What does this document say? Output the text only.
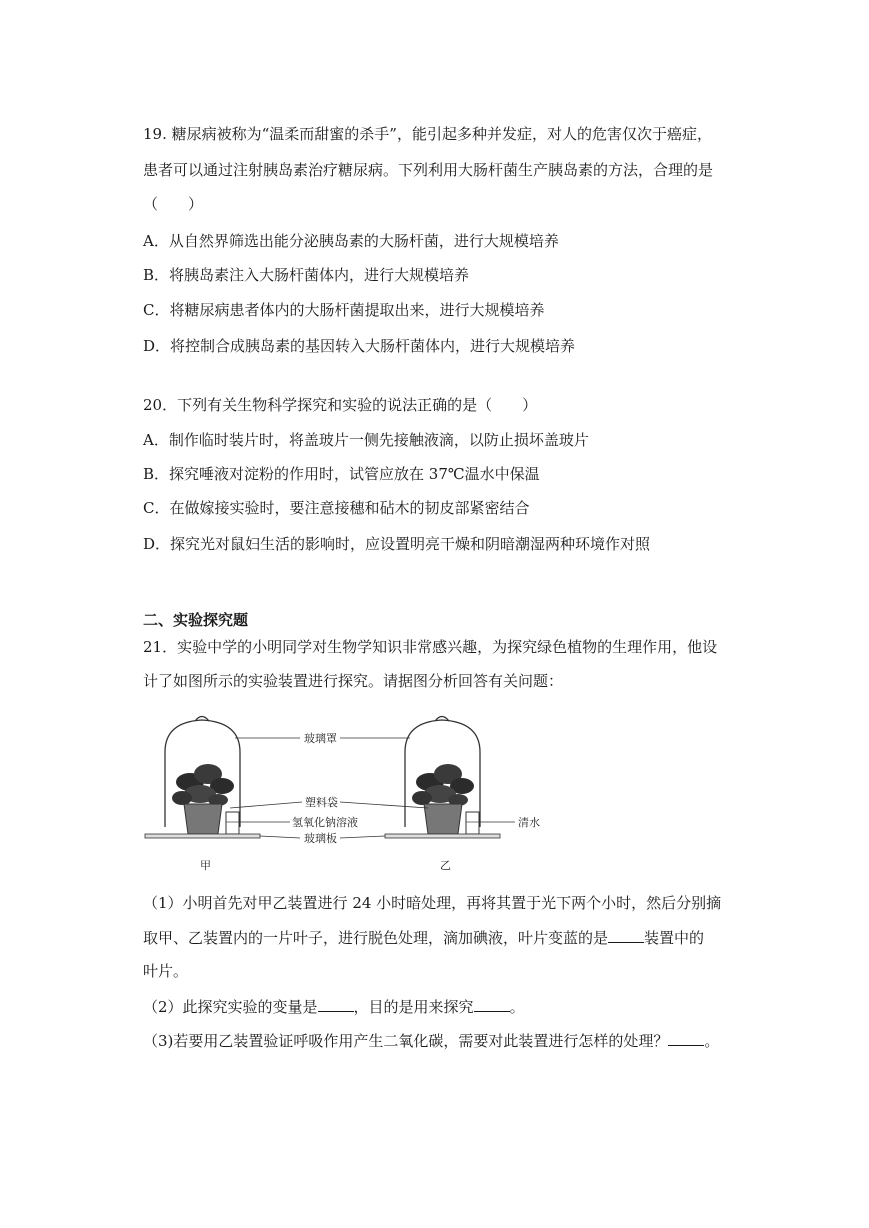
19. 糖尿病被称为“温柔而甜蜜的杀手”，能引起多种并发症，对人的危害仅次于癌症，
患者可以通过注射胰岛素治疗糖尿病。下列利用大肠杆菌生产胰岛素的方法，合理的是
（　　）
A．从自然界筛选出能分泌胰岛素的大肠杆菌，进行大规模培养
B．将胰岛素注入大肠杆菌体内，进行大规模培养
C．将糖尿病患者体内的大肠杆菌提取出来，进行大规模培养
D．将控制合成胰岛素的基因转入大肠杆菌体内，进行大规模培养
20．下列有关生物科学探究和实验的说法正确的是（　　）
A．制作临时装片时，将盖玻片一侧先接触液滴，以防止损坏盖玻片
B．探究唾液对淀粉的作用时，试管应放在 37℃温水中保温
C．在做嫁接实验时，要注意接穗和砧木的韧皮部紧密结合
D．探究光对鼠妇生活的影响时，应设置明亮干燥和阴暗潮湿两种环境作对照
二、实验探究题
21．实验中学的小明同学对生物学知识非常感兴趣，为探究绿色植物的生理作用，他设
计了如图所示的实验装置进行探究。请据图分析回答有关问题：
玻璃罩
塑料袋
氢氧化钠溶液
玻璃板
清水
甲	乙
（1）小明首先对甲乙装置进行 24 小时暗处理，再将其置于光下两个小时，然后分别摘
取甲、乙装置内的一片叶子，进行脱色处理，滴加碘液，叶片变蓝的是 装置中的
叶片。
（2）此探究实验的变量是 ，目的是用来探究 。
（3)若要用乙装置验证呼吸作用产生二氧化碳，需要对此装置进行怎样的处理？ 。
